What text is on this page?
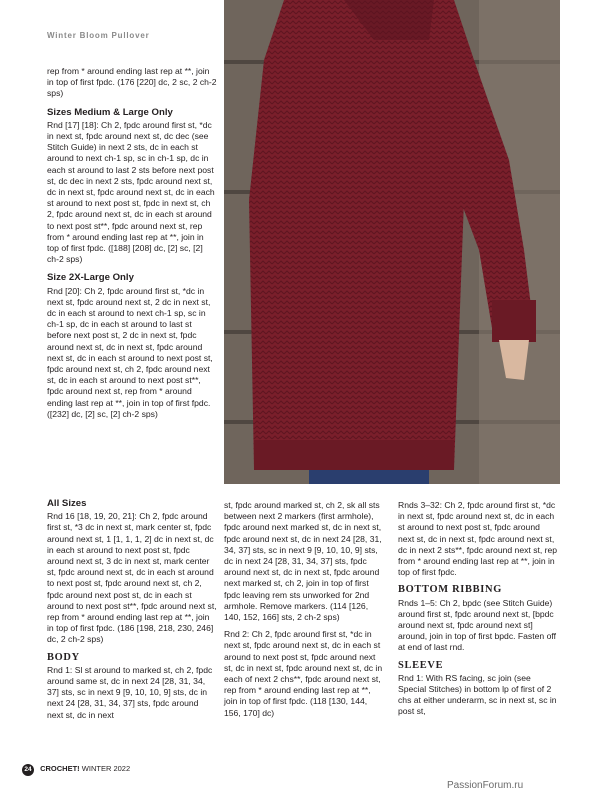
Winter Bloom Pullover

rep from * around ending last rep at **, join in top of first fpdc. (176 [220] dc, 2 sc, 2 ch-2 sps)

Sizes Medium & Large Only

Rnd [17] [18]: Ch 2, fpdc around first st, *dc in next st, fpdc around next st, dc dec (see Stitch Guide) in next 2 sts, dc in each st around to next ch-1 sp, sc in ch-1 sp, dc in each st around to last 2 sts before next post st, dc dec in next 2 sts, fpdc around next st, dc in next st, fpdc around next st, dc in each st around to next post st, fpdc in next st, ch 2, fpdc around next st, dc in each st around to next post st**, fpdc around next st, rep from * around ending last rep at **, join in top of first fpdc. ([188] [208] dc, [2] sc, [2] ch-2 sps)

Size 2X-Large Only

Rnd [20]: Ch 2, fpdc around first st, *dc in next st, fpdc around next st, 2 dc in next st, dc in each st around to next ch-1 sp, sc in ch-1 sp, dc in each st around to last st before next post st, 2 dc in next st, fpdc around next st, dc in next st, fpdc around next st, dc in each st around to next post st, fpdc around next st, ch 2, fpdc around next st, dc in each st around to next post st**, fpdc around next st, rep from * around ending last rep at **, join in top of first fpdc. ([232] dc, [2] sc, [2] ch-2 sps)

All Sizes

Rnd 16 [18, 19, 20, 21]: Ch 2, fpdc around first st, *3 dc in next st, mark center st, fpdc around next st, 1 [1, 1, 1, 2] dc in next st, dc in each st around to next post st, fpdc around next st, 3 dc in next st, mark center st, fpdc around next st, dc in each st around to next post st, fpdc around next st, ch 2, fpdc around next post st, dc in each st around to next post st**, fpdc around next st, rep from * around ending last rep at **, join in top of first fpdc. (186 [198, 218, 230, 246] dc, 2 ch-2 sps)

BODY

Rnd 1: Sl st around to marked st, ch 2, fpdc around same st, dc in next 24 [28, 31, 34, 37] sts, sc in next 9 [9, 10, 10, 9] sts, dc in next 24 [28, 31, 34, 37] sts, fpdc around next st, dc in next

st, fpdc around marked st, ch 2, sk all sts between next 2 markers (first armhole), fpdc around next marked st, dc in next st, fpdc around next st, dc in next 24 [28, 31, 34, 37] sts, sc in next 9 [9, 10, 10, 9] sts, dc in next 24 [28, 31, 34, 37] sts, fpdc around next st, dc in next st, fpdc around next marked st, ch 2, join in top of first fpdc leaving rem sts unworked for 2nd armhole. Remove markers. (114 [126, 140, 152, 166] sts, 2 ch-2 sps)

Rnd 2: Ch 2, fpdc around first st, *dc in next st, fpdc around next st, dc in each st around to next post st, fpdc around next st, dc in next st, fpdc around next st, dc in each of next 2 chs**, fpdc around next st, rep from * around ending last rep at **, join in top of first fpdc. (118 [130, 144, 156, 170] dc)

Rnds 3–32: Ch 2, fpdc around first st, *dc in next st, fpdc around next st, dc in each st around to next post st, fpdc around next st, dc in next st, fpdc around next st, dc in next 2 sts**, fpdc around next st, rep from * around ending last rep at **, join in top of first fpdc.

BOTTOM RIBBING

Rnds 1–5: Ch 2, bpdc (see Stitch Guide) around first st, fpdc around next st, [bpdc around next st, fpdc around next st] around, join in top of first bpdc. Fasten off at end of last rnd.

SLEEVE

Rnd 1: With RS facing, sc join (see Special Stitches) in bottom lp of first of 2 chs at either underarm, sc in next st, sc in post st,

24 CROCHET! WINTER 2022
PassionForum.ru
